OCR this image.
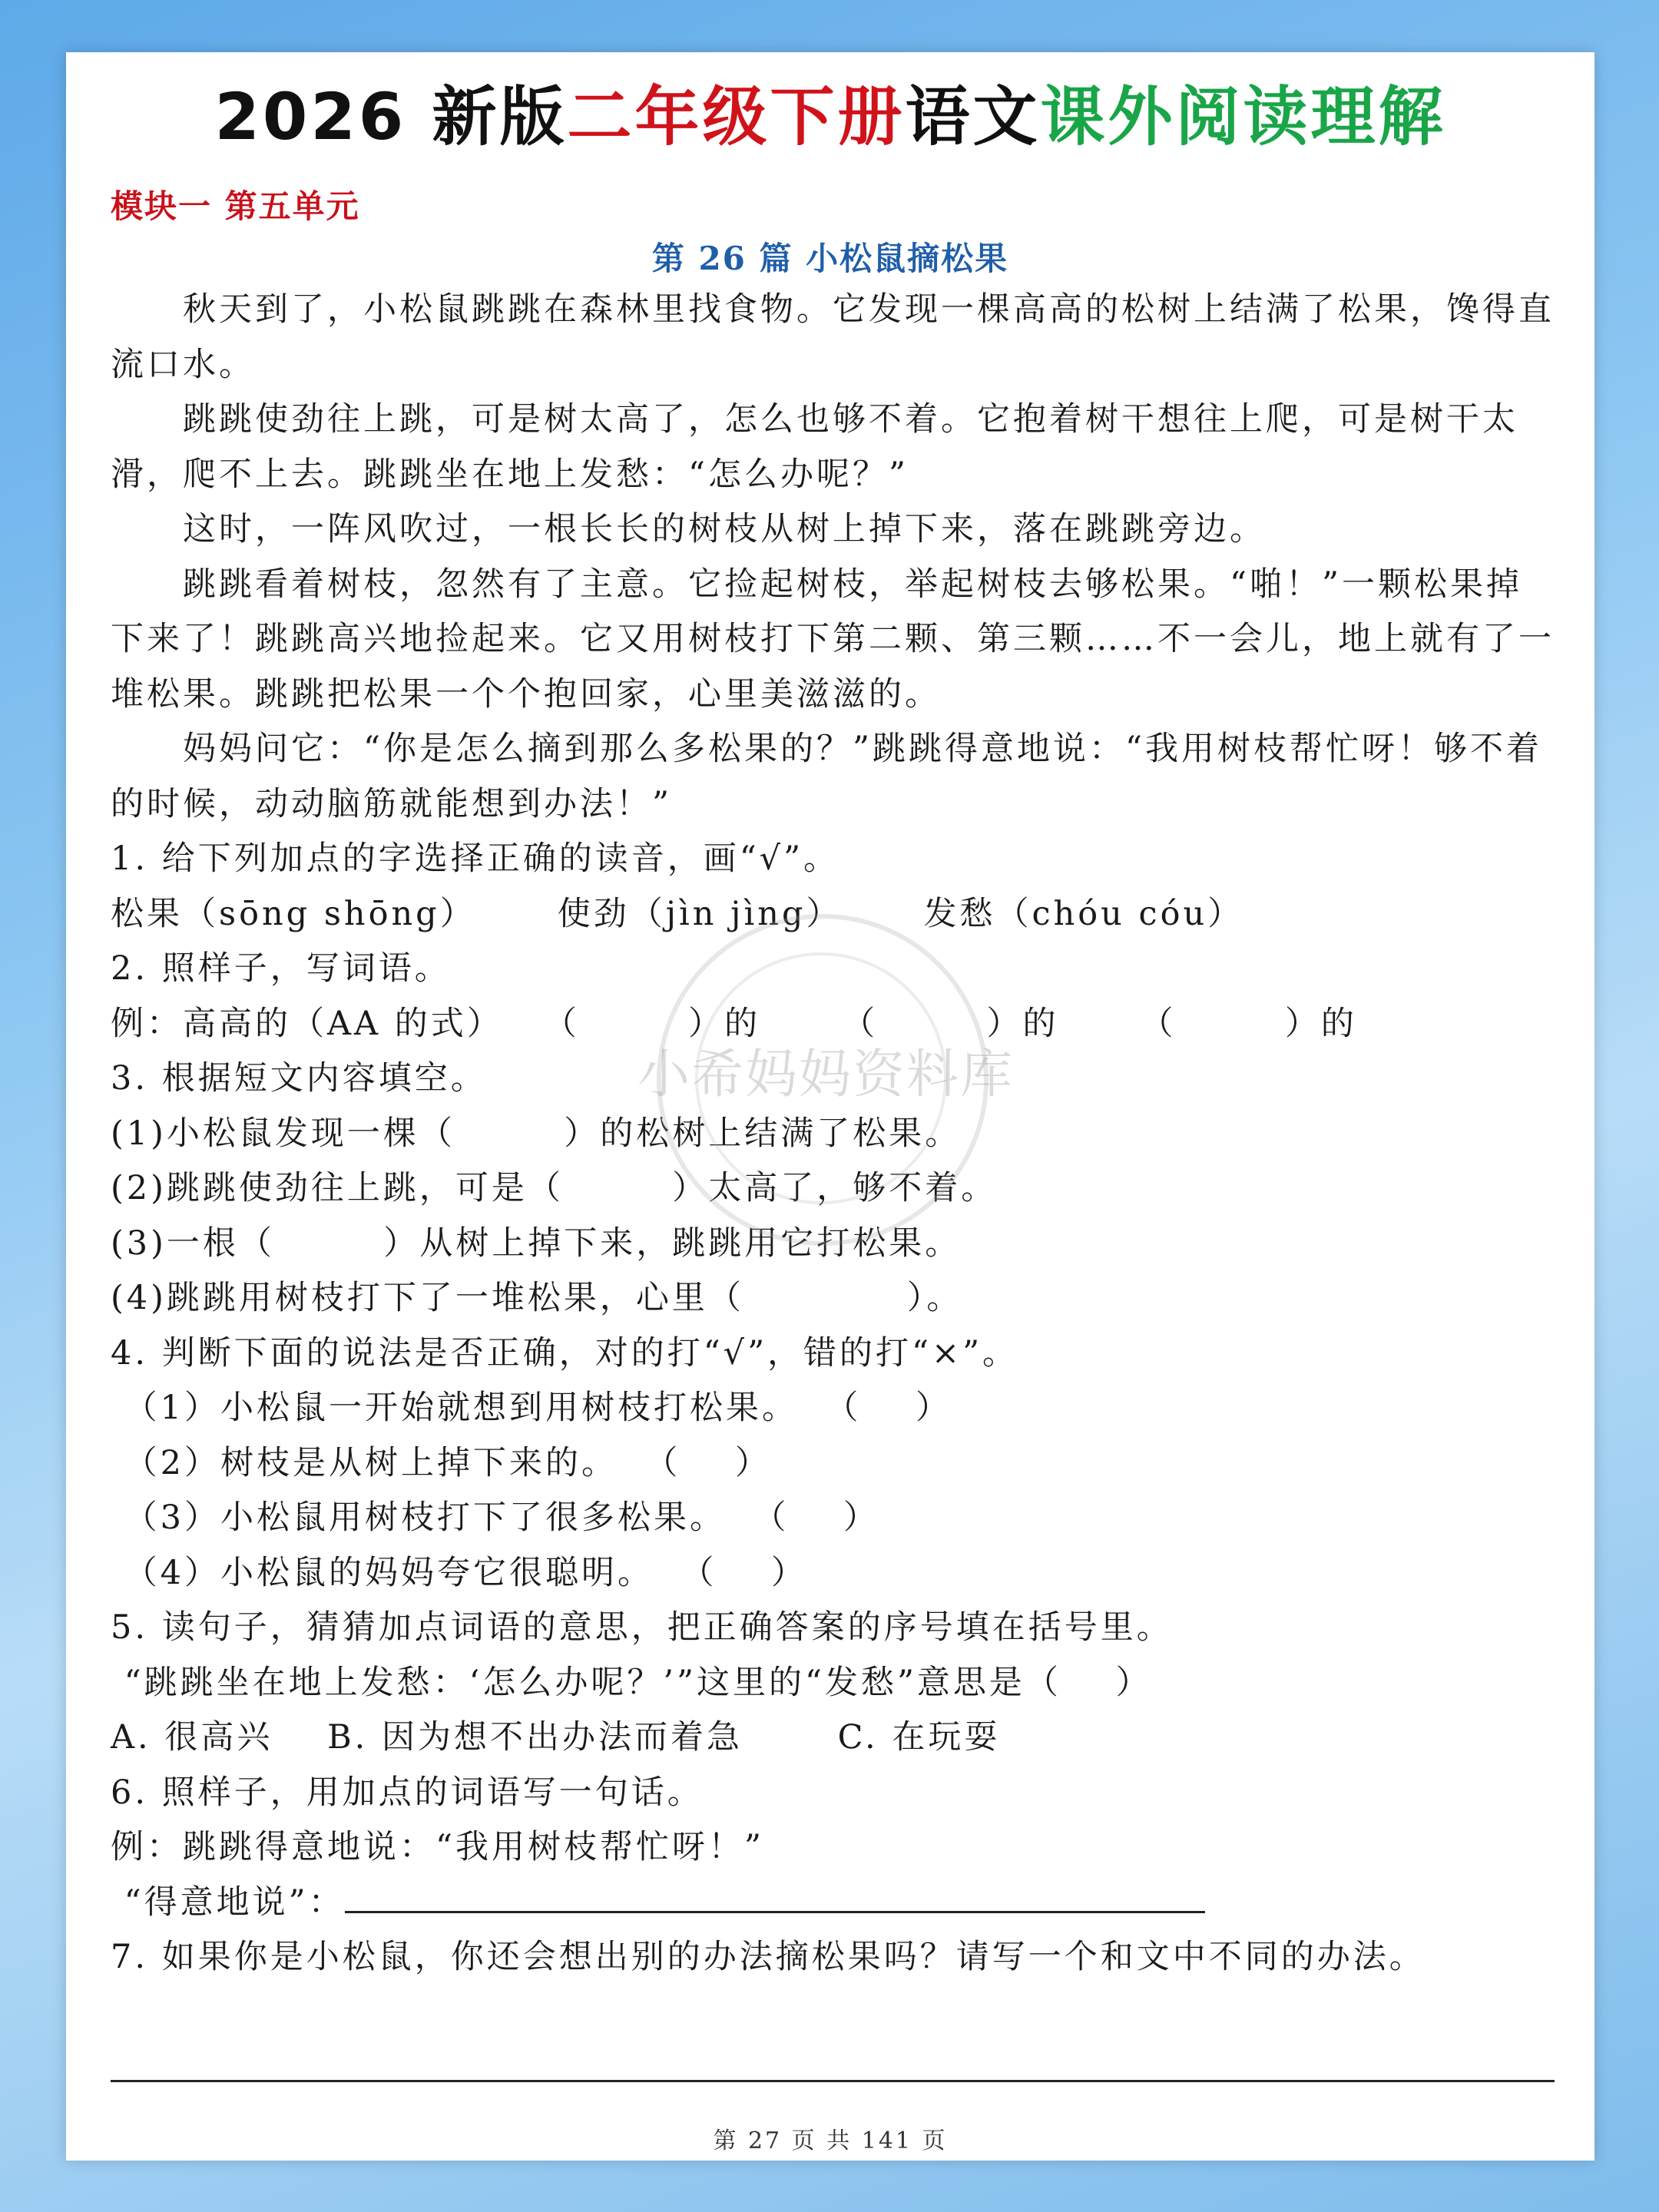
2026 新版二年级下册语文课外阅读理解
模块一 第五单元
第 26 篇 小松鼠摘松果

秋天到了，小松鼠跳跳在森林里找食物。它发现一棵高高的松树上结满了松果，馋得直流口水。

跳跳使劲往上跳，可是树太高了，怎么也够不着。它抱着树干想往上爬，可是树干太滑，爬不上去。跳跳坐在地上发愁：“怎么办呢？”

这时，一阵风吹过，一根长长的树枝从树上掉下来，落在跳跳旁边。

跳跳看着树枝，忽然有了主意。它捡起树枝，举起树枝去够松果。“啪！”一颗松果掉下来了！跳跳高兴地捡起来。它又用树枝打下第二颗、第三颗……不一会儿，地上就有了一堆松果。跳跳把松果一个个抱回家，心里美滋滋的。

妈妈问它：“你是怎么摘到那么多松果的？”跳跳得意地说：“我用树枝帮忙呀！够不着的时候，动动脑筋就能想到办法！”

1. 给下列加点的字选择正确的读音，画“√”。

松果（sōng shōng）      使劲（jìn jìng）      发愁（chóu cóu）

2. 照样子，写词语。

例：高高的（AA 的式）   （        ）的      （        ）的      （        ）的

3. 根据短文内容填空。

(1)小松鼠发现一棵（        ）的松树上结满了松果。

(2)跳跳使劲往上跳，可是（        ）太高了，够不着。

(3)一根（        ）从树上掉下来，跳跳用它打松果。

(4)跳跳用树枝打下了一堆松果，心里（            ）。

4. 判断下面的说法是否正确，对的打“√”，错的打“×”。

（1）小松鼠一开始就想到用树枝打松果。  （    ）

（2）树枝是从树上掉下来的。  （    ）

（3）小松鼠用树枝打下了很多松果。  （    ）

（4）小松鼠的妈妈夸它很聪明。  （    ）

5. 读句子，猜猜加点词语的意思，把正确答案的序号填在括号里。

“跳跳坐在地上发愁：‘怎么办呢？’”这里的“发愁”意思是（    ）

A. 很高兴    B. 因为想不出办法而着急       C. 在玩耍

6. 照样子，用加点的词语写一句话。

例：跳跳得意地说：“我用树枝帮忙呀！”

“得意地说”：

7. 如果你是小松鼠，你还会想出别的办法摘松果吗？请写一个和文中不同的办法。

第 27 页 共 141 页
小希妈妈资料库
